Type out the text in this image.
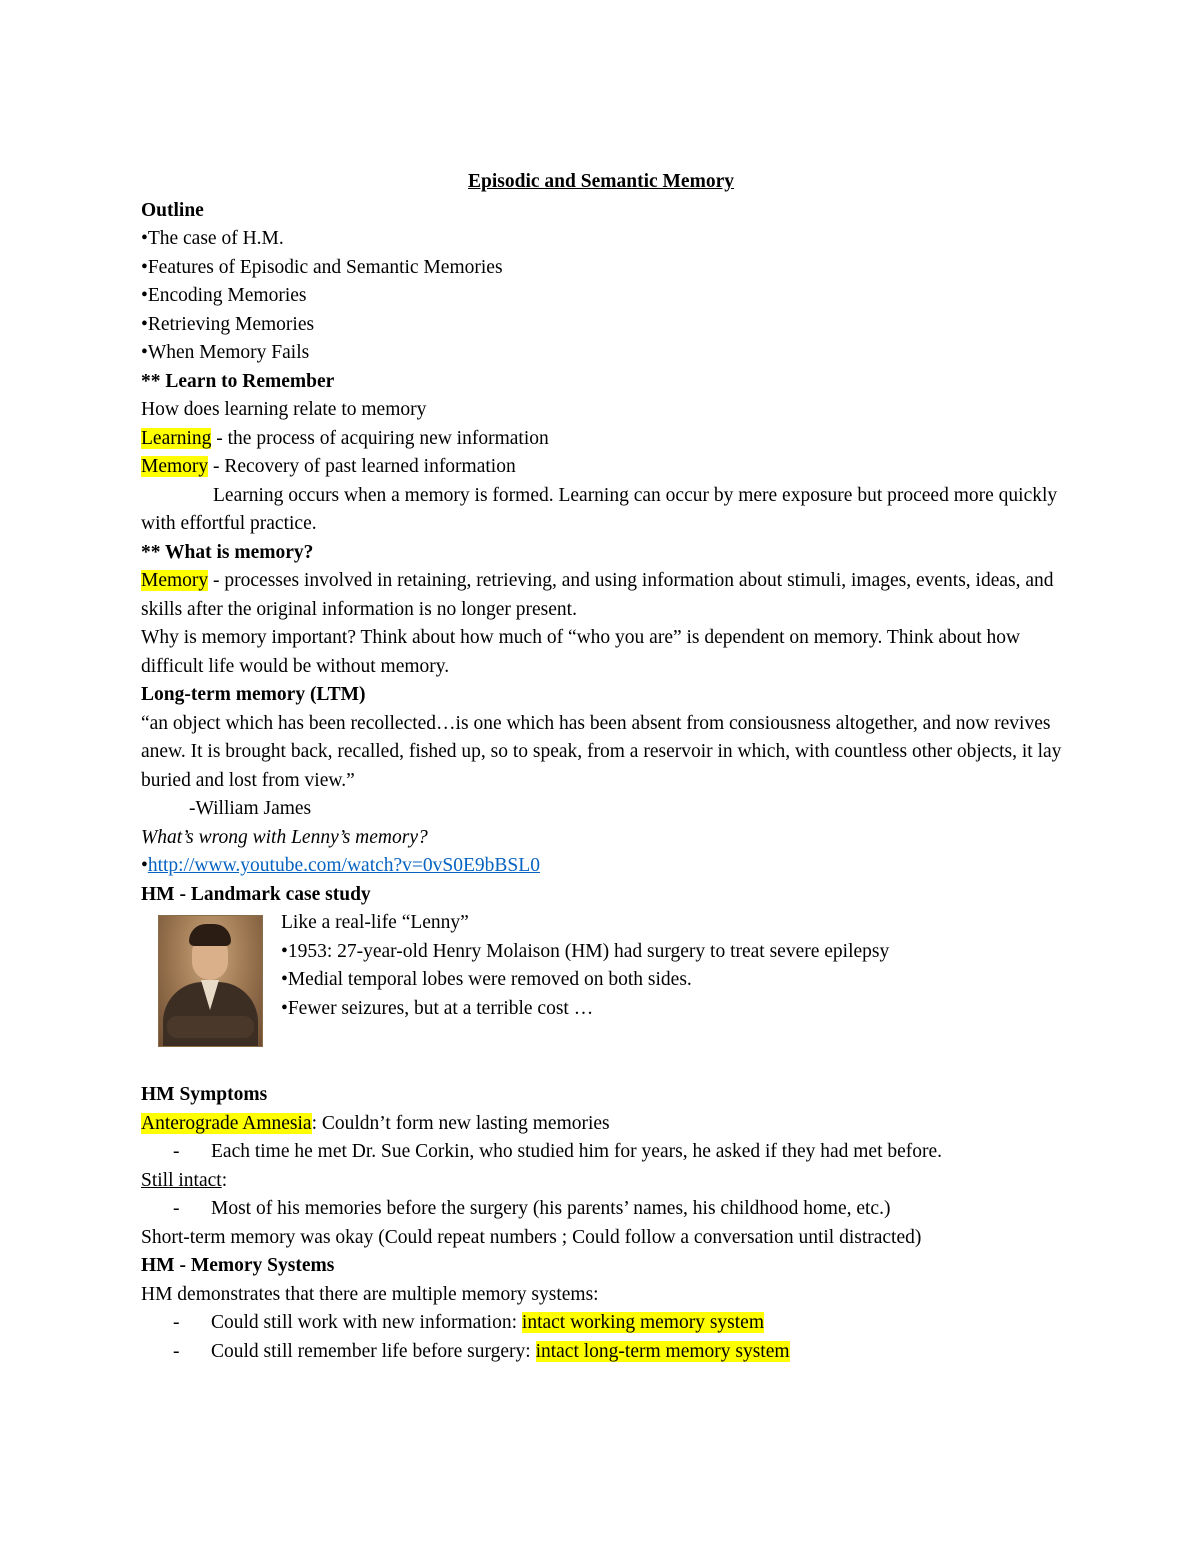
Episodic and Semantic Memory
Outline
•The case of H.M.
•Features of Episodic and Semantic Memories
•Encoding Memories
•Retrieving Memories
•When Memory Fails
** Learn to Remember
How does learning relate to memory
Learning - the process of acquiring new information
Memory - Recovery of past learned information
Learning occurs when a memory is formed. Learning can occur by mere exposure but proceed more quickly with effortful practice.
** What is memory?
Memory - processes involved in retaining, retrieving, and using information about stimuli, images, events, ideas, and skills after the original information is no longer present.
Why is memory important? Think about how much of “who you are” is dependent on memory. Think about how difficult life would be without memory.
Long-term memory (LTM)
“an object which has been recollected…is one which has been absent from consiousness altogether, and now revives anew. It is brought back, recalled, fished up, so to speak, from a reservoir in which, with countless other objects, it lay buried and lost from view.”
-William James
What’s wrong with Lenny’s memory?
•http://www.youtube.com/watch?v=0vS0E9bBSL0
HM - Landmark case study
Like a real-life “Lenny”
•1953: 27-year-old Henry Molaison (HM) had surgery to treat severe epilepsy
•Medial temporal lobes were removed on both sides.
•Fewer seizures, but at a terrible cost …
HM Symptoms
Anterograde Amnesia: Couldn’t form new lasting memories
- Each time he met Dr. Sue Corkin, who studied him for years, he asked if they had met before.
Still intact:
- Most of his memories before the surgery (his parents’ names, his childhood home, etc.)
Short-term memory was okay (Could repeat numbers ; Could follow a conversation until distracted)
HM - Memory Systems
HM demonstrates that there are multiple memory systems:
- Could still work with new information: intact working memory system
- Could still remember life before surgery: intact long-term memory system
